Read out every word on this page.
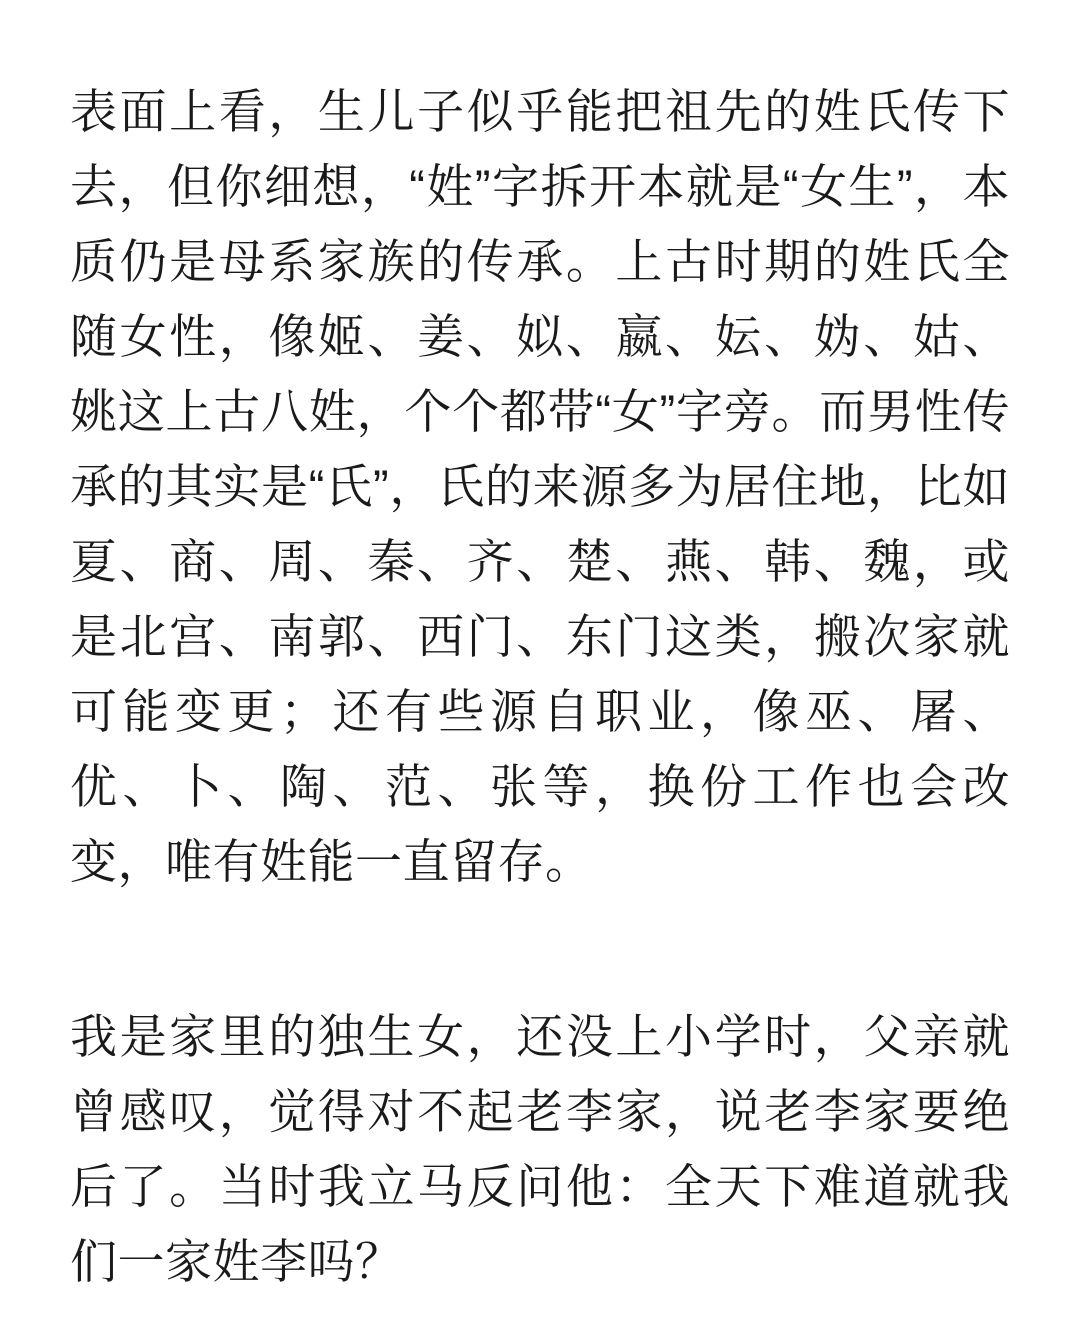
表面上看，生儿子似乎能把祖先的姓氏传下去，但你细想，“姓”字拆开本就是“女生”，本质仍是母系家族的传承。上古时期的姓氏全随女性，像姬、姜、姒、嬴、妘、妫、姑、姚这上古八姓，个个都带“女”字旁。而男性传承的其实是“氏”，氏的来源多为居住地，比如夏、商、周、秦、齐、楚、燕、韩、魏，或是北宫、南郭、西门、东门这类，搬次家就可能变更；还有些源自职业，像巫、屠、优、卜、陶、范、张等，换份工作也会改变，唯有姓能一直留存。

我是家里的独生女，还没上小学时，父亲就曾感叹，觉得对不起老李家，说老李家要绝后了。当时我立马反问他：全天下难道就我们一家姓李吗？
